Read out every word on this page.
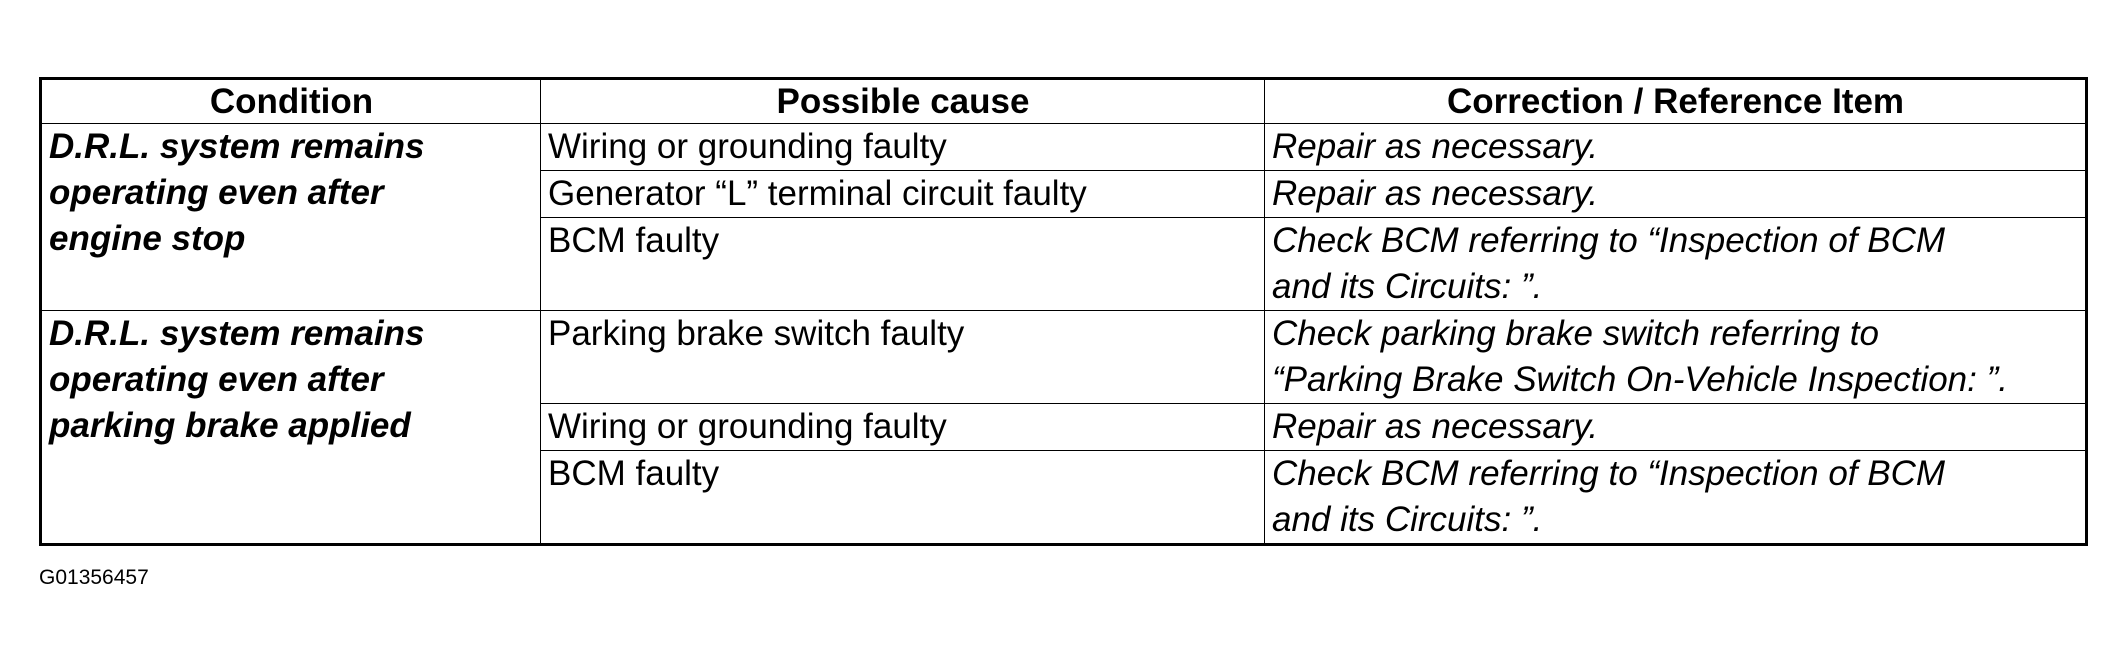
Condition	Possible cause	Correction / Reference Item

D.R.L. system remains
operating even after
engine stop	Wiring or grounding faulty	Repair as necessary.

	Generator “L” terminal circuit faulty	Repair as necessary.

	BCM faulty	Check BCM referring to “Inspection of BCM
and its Circuits: ”.

D.R.L. system remains
operating even after
parking brake applied	Parking brake switch faulty	Check parking brake switch referring to
“Parking Brake Switch On-Vehicle Inspection: ”.

	Wiring or grounding faulty	Repair as necessary.

	BCM faulty	Check BCM referring to “Inspection of BCM
and its Circuits: ”.
G01356457
